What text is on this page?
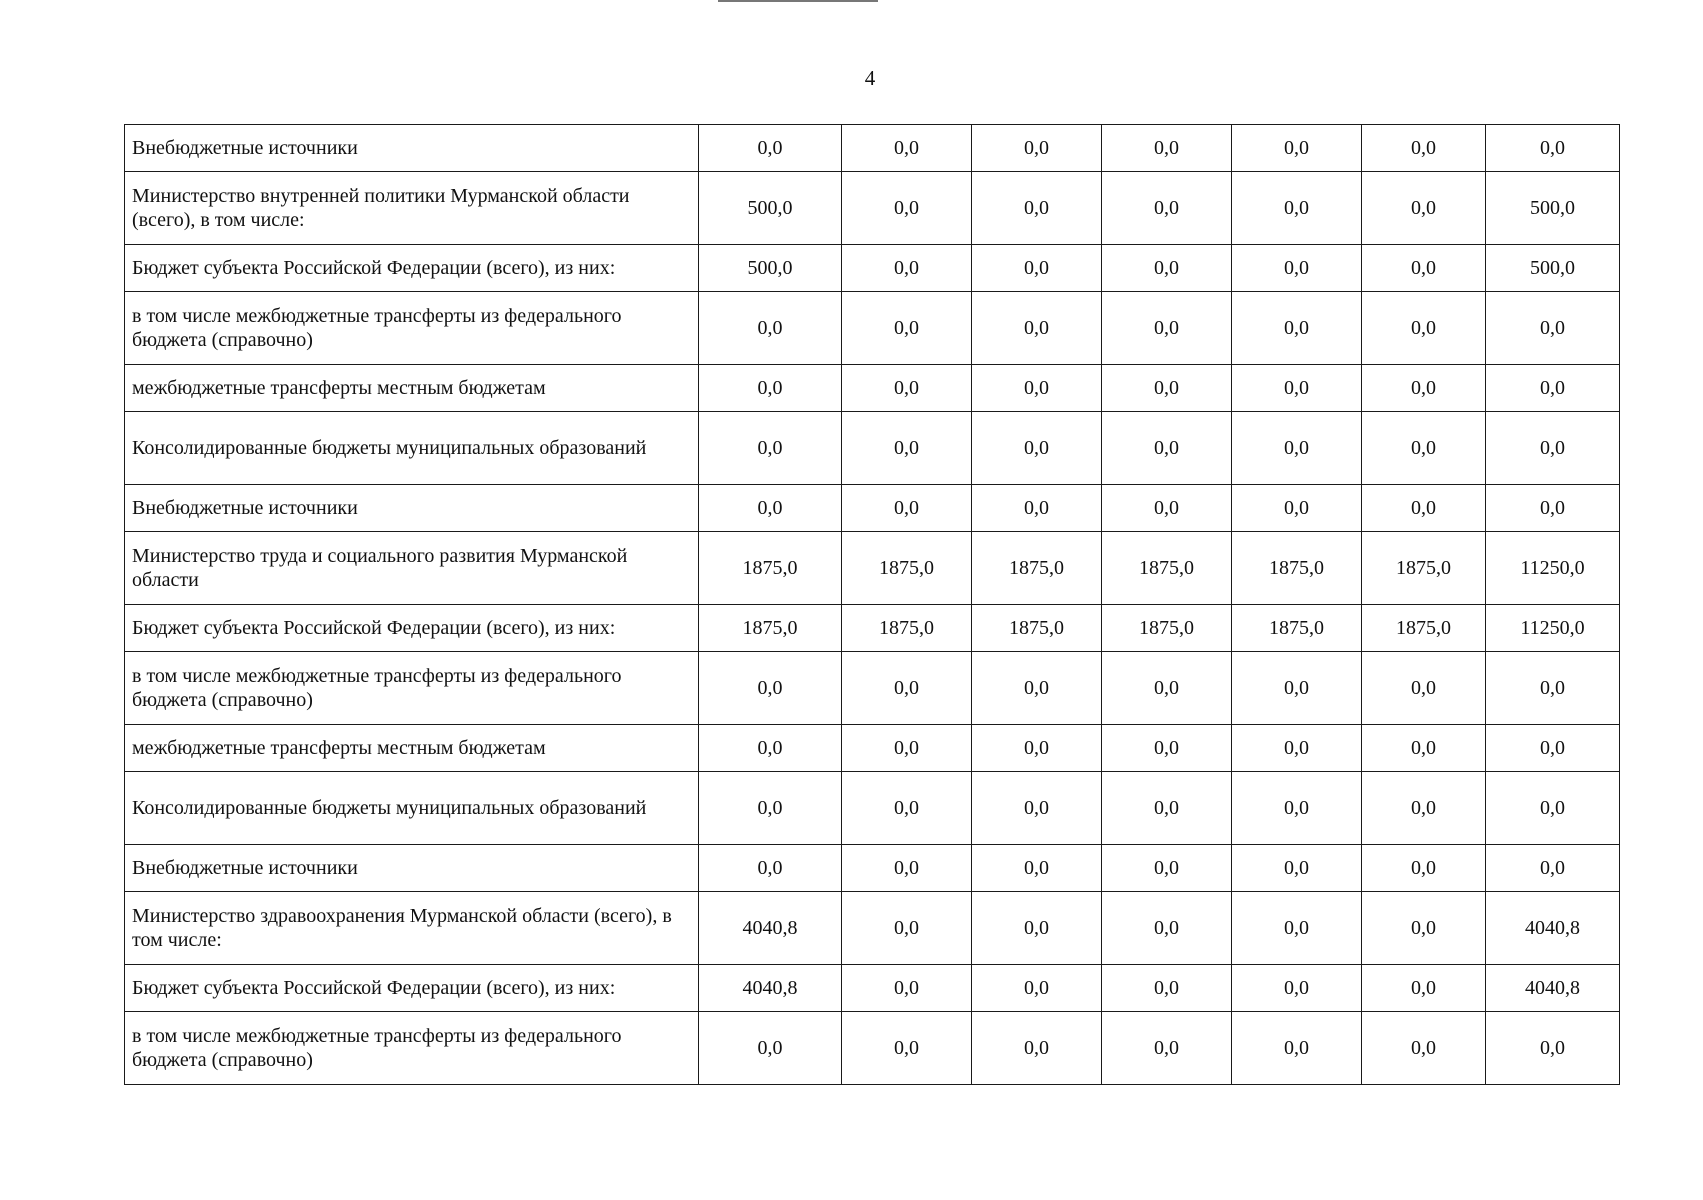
4
Внебюджетные источники	0,0	0,0	0,0	0,0	0,0	0,0	0,0
Министерство внутренней политики Мурманской области (всего), в том числе:	500,0	0,0	0,0	0,0	0,0	0,0	500,0
Бюджет субъекта Российской Федерации (всего), из них:	500,0	0,0	0,0	0,0	0,0	0,0	500,0
в том числе межбюджетные трансферты из федерального бюджета (справочно)	0,0	0,0	0,0	0,0	0,0	0,0	0,0
межбюджетные трансферты местным бюджетам	0,0	0,0	0,0	0,0	0,0	0,0	0,0
Консолидированные бюджеты муниципальных образований	0,0	0,0	0,0	0,0	0,0	0,0	0,0
Внебюджетные источники	0,0	0,0	0,0	0,0	0,0	0,0	0,0
Министерство труда и социального развития Мурманской области	1875,0	1875,0	1875,0	1875,0	1875,0	1875,0	11250,0
Бюджет субъекта Российской Федерации (всего), из них:	1875,0	1875,0	1875,0	1875,0	1875,0	1875,0	11250,0
в том числе межбюджетные трансферты из федерального бюджета (справочно)	0,0	0,0	0,0	0,0	0,0	0,0	0,0
межбюджетные трансферты местным бюджетам	0,0	0,0	0,0	0,0	0,0	0,0	0,0
Консолидированные бюджеты муниципальных образований	0,0	0,0	0,0	0,0	0,0	0,0	0,0
Внебюджетные источники	0,0	0,0	0,0	0,0	0,0	0,0	0,0
Министерство здравоохранения Мурманской области (всего), в том числе:	4040,8	0,0	0,0	0,0	0,0	0,0	4040,8
Бюджет субъекта Российской Федерации (всего), из них:	4040,8	0,0	0,0	0,0	0,0	0,0	4040,8
в том числе межбюджетные трансферты из федерального бюджета (справочно)	0,0	0,0	0,0	0,0	0,0	0,0	0,0
